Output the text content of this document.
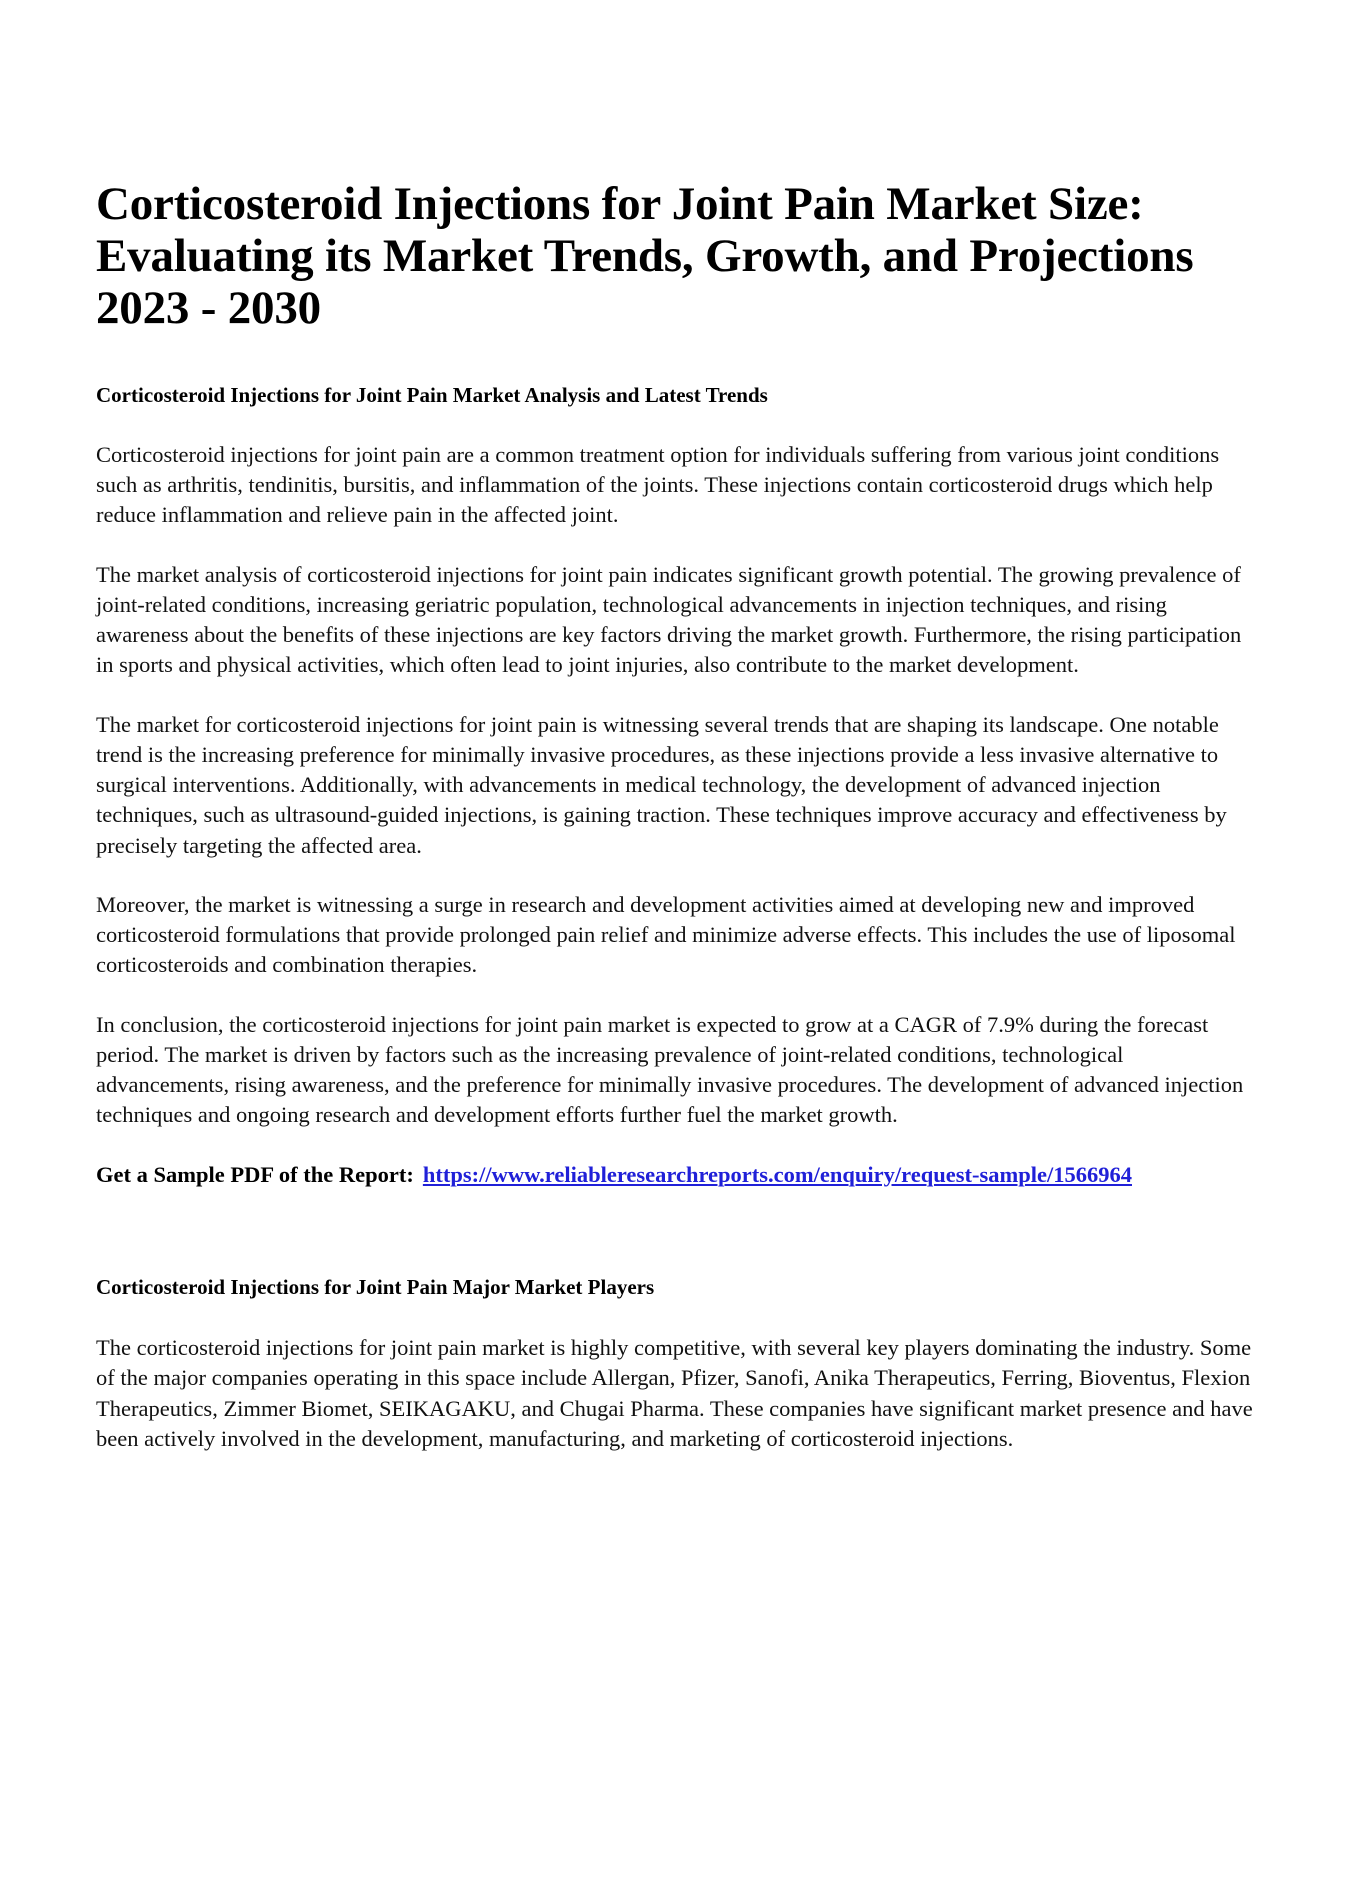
Corticosteroid Injections for Joint Pain Market Size: Evaluating its Market Trends, Growth, and Projections 2023 - 2030
Corticosteroid Injections for Joint Pain Market Analysis and Latest Trends

Corticosteroid injections for joint pain are a common treatment option for individuals suffering from various joint conditions such as arthritis, tendinitis, bursitis, and inflammation of the joints. These injections contain corticosteroid drugs which help reduce inflammation and relieve pain in the affected joint.

The market analysis of corticosteroid injections for joint pain indicates significant growth potential. The growing prevalence of joint-related conditions, increasing geriatric population, technological advancements in injection techniques, and rising awareness about the benefits of these injections are key factors driving the market growth. Furthermore, the rising participation in sports and physical activities, which often lead to joint injuries, also contribute to the market development.

The market for corticosteroid injections for joint pain is witnessing several trends that are shaping its landscape. One notable trend is the increasing preference for minimally invasive procedures, as these injections provide a less invasive alternative to surgical interventions. Additionally, with advancements in medical technology, the development of advanced injection techniques, such as ultrasound-guided injections, is gaining traction. These techniques improve accuracy and effectiveness by precisely targeting the affected area.

Moreover, the market is witnessing a surge in research and development activities aimed at developing new and improved corticosteroid formulations that provide prolonged pain relief and minimize adverse effects. This includes the use of liposomal corticosteroids and combination therapies.

In conclusion, the corticosteroid injections for joint pain market is expected to grow at a CAGR of 7.9% during the forecast period. The market is driven by factors such as the increasing prevalence of joint-related conditions, technological advancements, rising awareness, and the preference for minimally invasive procedures. The development of advanced injection techniques and ongoing research and development efforts further fuel the market growth.

Get a Sample PDF of the Report: https://www.reliableresearchreports.com/enquiry/request-sample/1566964

Corticosteroid Injections for Joint Pain Major Market Players

The corticosteroid injections for joint pain market is highly competitive, with several key players dominating the industry. Some of the major companies operating in this space include Allergan, Pfizer, Sanofi, Anika Therapeutics, Ferring, Bioventus, Flexion Therapeutics, Zimmer Biomet, SEIKAGAKU, and Chugai Pharma. These companies have significant market presence and have been actively involved in the development, manufacturing, and marketing of corticosteroid injections.
